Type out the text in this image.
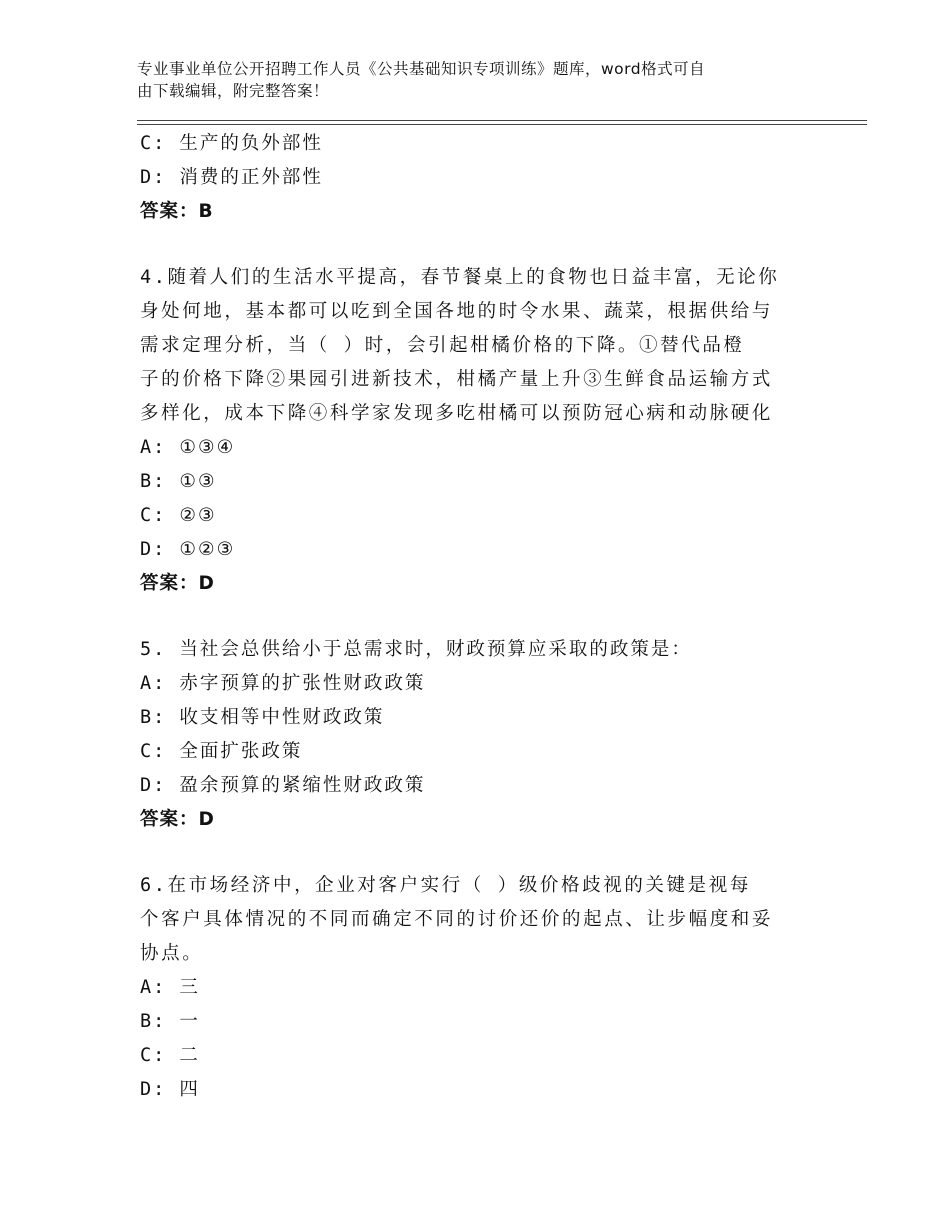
专业事业单位公开招聘工作人员《公共基础知识专项训练》题库，word格式可自
由下载编辑，附完整答案！
C: 生产的负外部性
D: 消费的正外部性
答案：B
4.随着人们的生活水平提高，春节餐桌上的食物也日益丰富，无论你
身处何地，基本都可以吃到全国各地的时令水果、蔬菜，根据供给与
需求定理分析，当（ ）时，会引起柑橘价格的下降。①替代品橙
子的价格下降②果园引进新技术，柑橘产量上升③生鲜食品运输方式
多样化，成本下降④科学家发现多吃柑橘可以预防冠心病和动脉硬化
A: ①③④
B: ①③
C: ②③
D: ①②③
答案：D
5. 当社会总供给小于总需求时，财政预算应采取的政策是：
A: 赤字预算的扩张性财政政策
B: 收支相等中性财政政策
C: 全面扩张政策
D: 盈余预算的紧缩性财政政策
答案：D
6.在市场经济中，企业对客户实行（ ）级价格歧视的关键是视每
个客户具体情况的不同而确定不同的讨价还价的起点、让步幅度和妥
协点。
A: 三
B: 一
C: 二
D: 四
